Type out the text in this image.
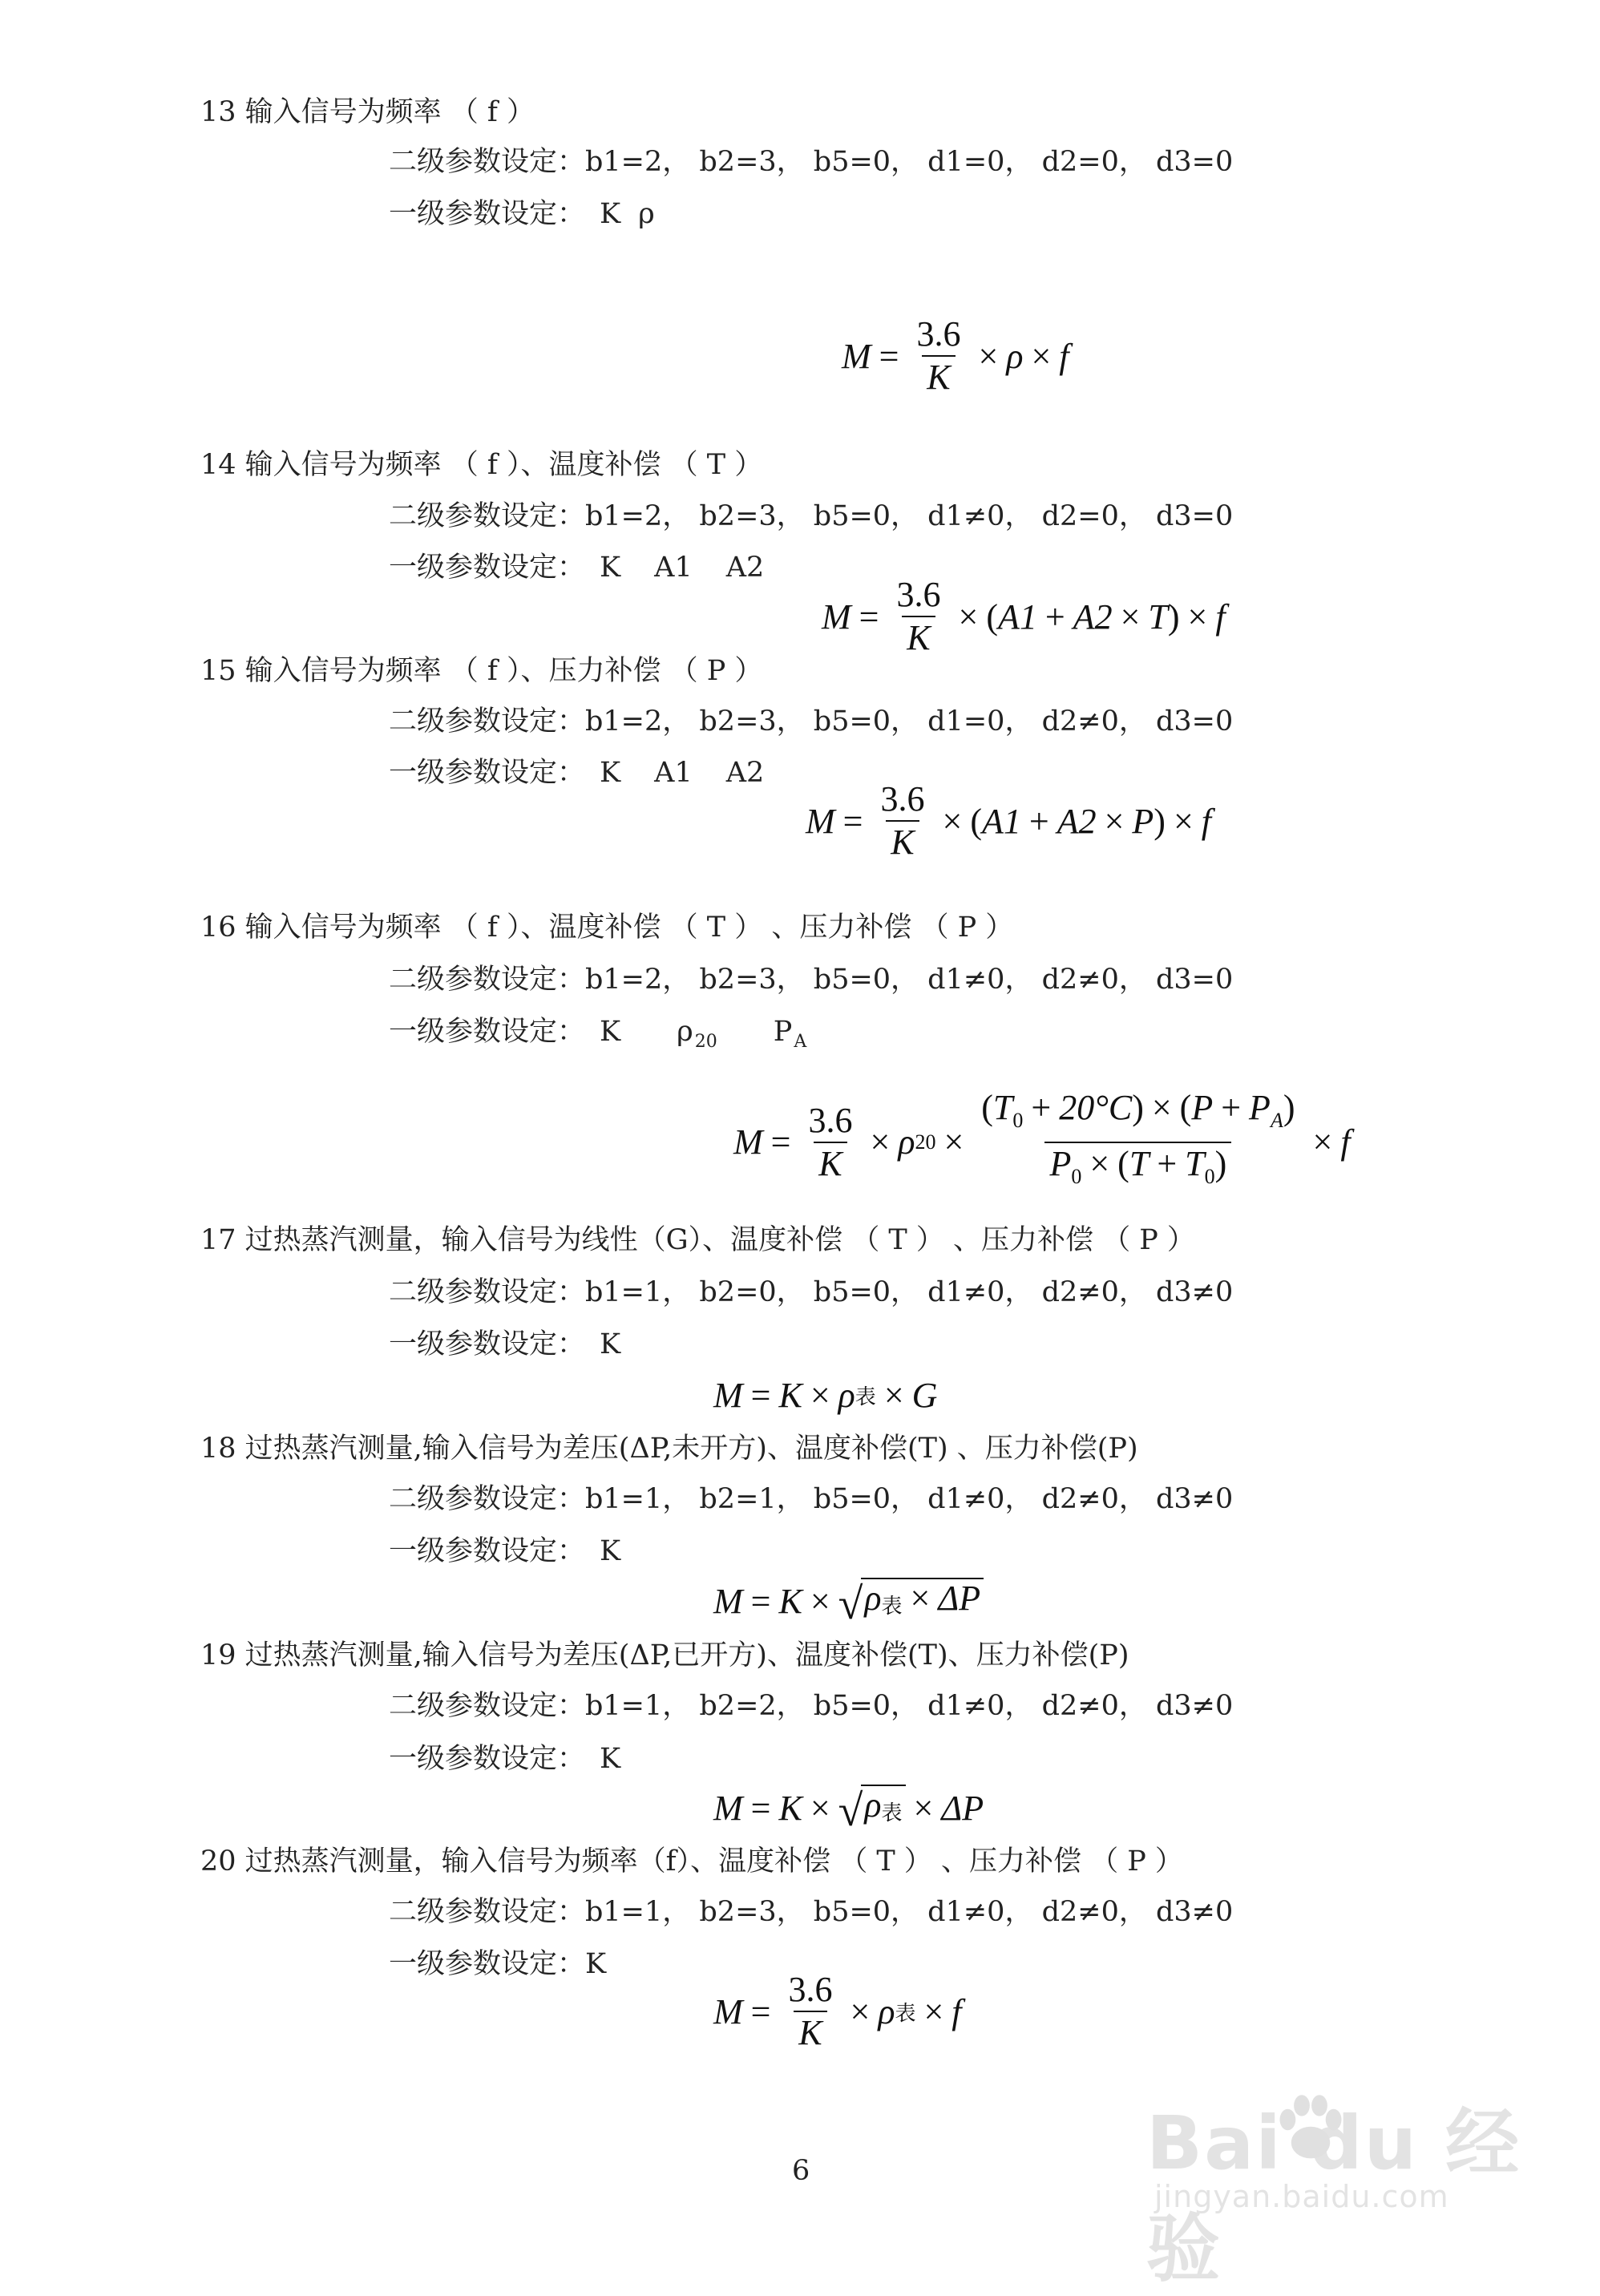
13 输入信号为频率 （ f ）
二级参数设定：b1=2， b2=3， b5=0， d1=0， d2=0， d3=0
一级参数设定： K ρ
$M = \frac{3.6}{K} \times \rho \times f$
14 输入信号为频率 （ f ）、温度补偿 （ T ）
二级参数设定：b1=2， b2=3， b5=0， d1≠0， d2=0， d3=0
一级参数设定： K A1 A2
$M = \frac{3.6}{K}$ × ( A1 + A2 × T ) × f
15 输入信号为频率 （ f ）、压力补偿 （ P ）
二级参数设定：b1=2， b2=3， b5=0， d1=0， d2≠0， d3=0
一级参数设定： K A1 A2
$M = \frac{3.6}{K}$ × ( A1 + A2 × P ) × f
16 输入信号为频率 （ f ）、温度补偿 （ T ） 、压力补偿 （ P ）
二级参数设定：b1=2， b2=3， b5=0， d1≠0， d2≠0， d3=0
一级参数设定： K ρ20 PA
$M = \frac{3.6}{K} \times \rho$ $20 \times \frac{(T_0 + 20^\circ C) \times (P + P_A)}{P_0 \times (T + T_0)} \times f$
17 过热蒸汽测量，输入信号为线性（G）、温度补偿 （ T ） 、压力补偿 （ P ）
二级参数设定：b1=1， b2=0， b5=0， d1≠0， d2≠0， d3≠0
一级参数设定： K
M = K × ρ 表 × G
18 过热蒸汽测量,输入信号为差压(ΔP,未开方)、温度补偿(T) 、压力补偿(P)
二级参数设定：b1=1， b2=1， b5=0， d1≠0， d2≠0， d3≠0
一级参数设定： K
M = K × √ ρ表 × ΔP
19 过热蒸汽测量,输入信号为差压(ΔP,已开方)、温度补偿(T)、压力补偿(P)
二级参数设定：b1=1， b2=2， b5=0， d1≠0， d2≠0， d3≠0
一级参数设定： K
M = K × √ ρ表 × ΔP
20 过热蒸汽测量，输入信号为频率（f）、温度补偿 （ T ） 、压力补偿 （ P ）
二级参数设定：b1=1， b2=3， b5=0， d1≠0， d2≠0， d3≠0
一级参数设定：K
$M = \frac{3.6}{K} \times \rho$ 表 × f
6	Bai du 经验
jingyan.baidu.com
